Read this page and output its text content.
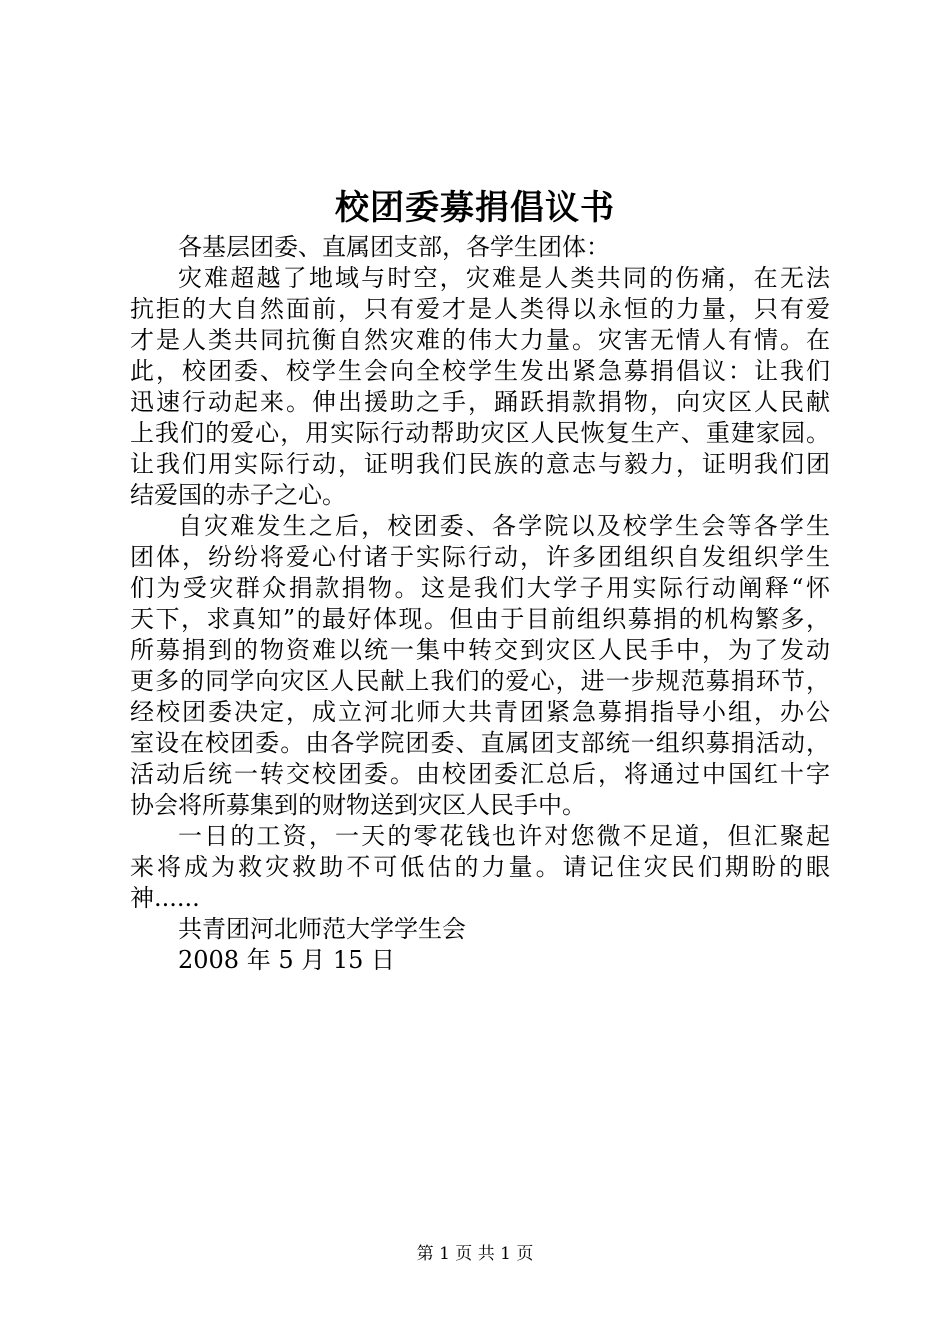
校团委募捐倡议书
各基层团委、直属团支部，各学生团体：
灾难超越了地域与时空，灾难是人类共同的伤痛，在无法
抗拒的大自然面前，只有爱才是人类得以永恒的力量，只有爱
才是人类共同抗衡自然灾难的伟大力量。灾害无情人有情。在
此，校团委、校学生会向全校学生发出紧急募捐倡议：让我们
迅速行动起来。伸出援助之手，踊跃捐款捐物，向灾区人民献
上我们的爱心，用实际行动帮助灾区人民恢复生产、重建家园。
让我们用实际行动，证明我们民族的意志与毅力，证明我们团
结爱国的赤子之心。
自灾难发生之后，校团委、各学院以及校学生会等各学生
团体，纷纷将爱心付诸于实际行动，许多团组织自发组织学生
们为受灾群众捐款捐物。这是我们大学子用实际行动阐释“怀
天下，求真知”的最好体现。但由于目前组织募捐的机构繁多，
所募捐到的物资难以统一集中转交到灾区人民手中，为了发动
更多的同学向灾区人民献上我们的爱心，进一步规范募捐环节，
经校团委决定，成立河北师大共青团紧急募捐指导小组，办公
室设在校团委。由各学院团委、直属团支部统一组织募捐活动，
活动后统一转交校团委。由校团委汇总后，将通过中国红十字
协会将所募集到的财物送到灾区人民手中。
一日的工资，一天的零花钱也许对您微不足道，但汇聚起
来将成为救灾救助不可低估的力量。请记住灾民们期盼的眼
神......
共青团河北师范大学学生会
2008 年 5 月 15 日
第 1 页 共 1 页
